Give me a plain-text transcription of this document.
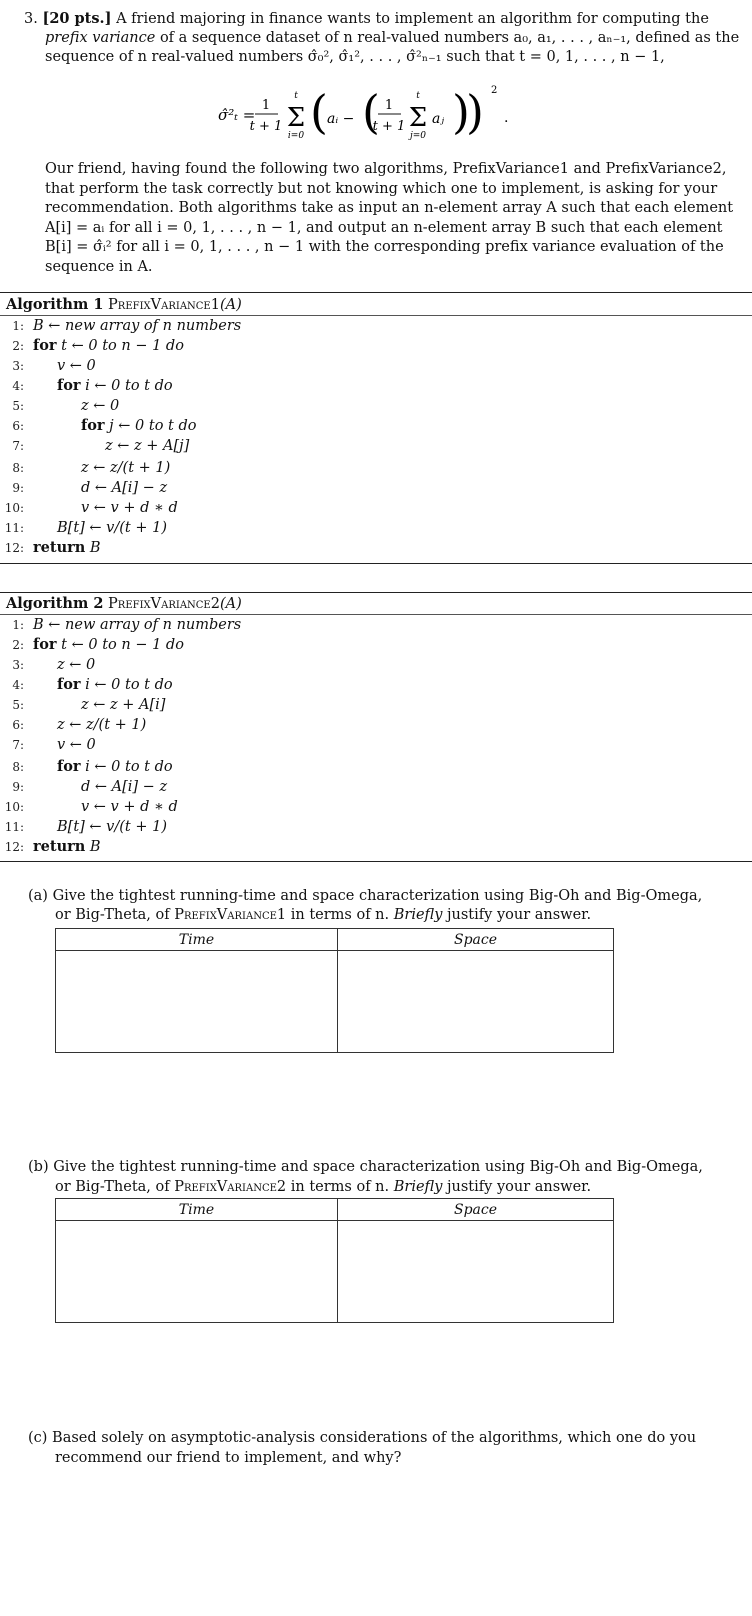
3. [20 pts.] A friend majoring in finance wants to implement an algorithm for computing the
prefix variance of a sequence dataset of n real-valued numbers a₀, a₁, . . . , aₙ₋₁, defined as the
sequence of n real-valued numbers σ̂₀², σ̂₁², . . . , σ̂²ₙ₋₁ such that t = 0, 1, . . . , n − 1,
σ̂²ₜ =
1
t + 1
t
Σ
i=0 ( aᵢ − ( 1
t + 1
t
Σ
j=0
aⱼ )
) 2
.
Our friend, having found the following two algorithms, PrefixVariance1 and PrefixVariance2,
that perform the task correctly but not knowing which one to implement, is asking for your
recommendation. Both algorithms take as input an n-element array A such that each element
A[i] = aᵢ for all i = 0, 1, . . . , n − 1, and output an n-element array B such that each element
B[i] = σ̂ᵢ² for all i = 0, 1, . . . , n − 1 with the corresponding prefix variance evaluation of the
sequence in A.
Algorithm 1 PrefixVariance1(A)
1: B ← new array of n numbers
2: for t ← 0 to n − 1 do
3: v ← 0
4: for i ← 0 to t do
5:	z ← 0
6:	for j ← 0 to t do
7:	z ← z + A[j]
8:	z ← z/(t + 1)
9:	d ← A[i] − z
10:	v ← v + d ∗ d
11: B[t] ← v/(t + 1)
12: return B
Algorithm 2 PrefixVariance2(A)
1: B ← new array of n numbers
2: for t ← 0 to n − 1 do
3: z ← 0
4: for i ← 0 to t do
5:	z ← z + A[i]
6: z ← z/(t + 1)
7: v ← 0
8: for i ← 0 to t do
9:	d ← A[i] − z
10:	v ← v + d ∗ d
11: B[t] ← v/(t + 1)
12: return B
(a) Give the tightest running-time and space characterization using Big-Oh and Big-Omega,
or Big-Theta, of PrefixVariance1 in terms of n. Briefly justify your answer.
Time	Space

(b) Give the tightest running-time and space characterization using Big-Oh and Big-Omega,
or Big-Theta, of PrefixVariance2 in terms of n. Briefly justify your answer.
Time	Space

(c) Based solely on asymptotic-analysis considerations of the algorithms, which one do you
recommend our friend to implement, and why?
